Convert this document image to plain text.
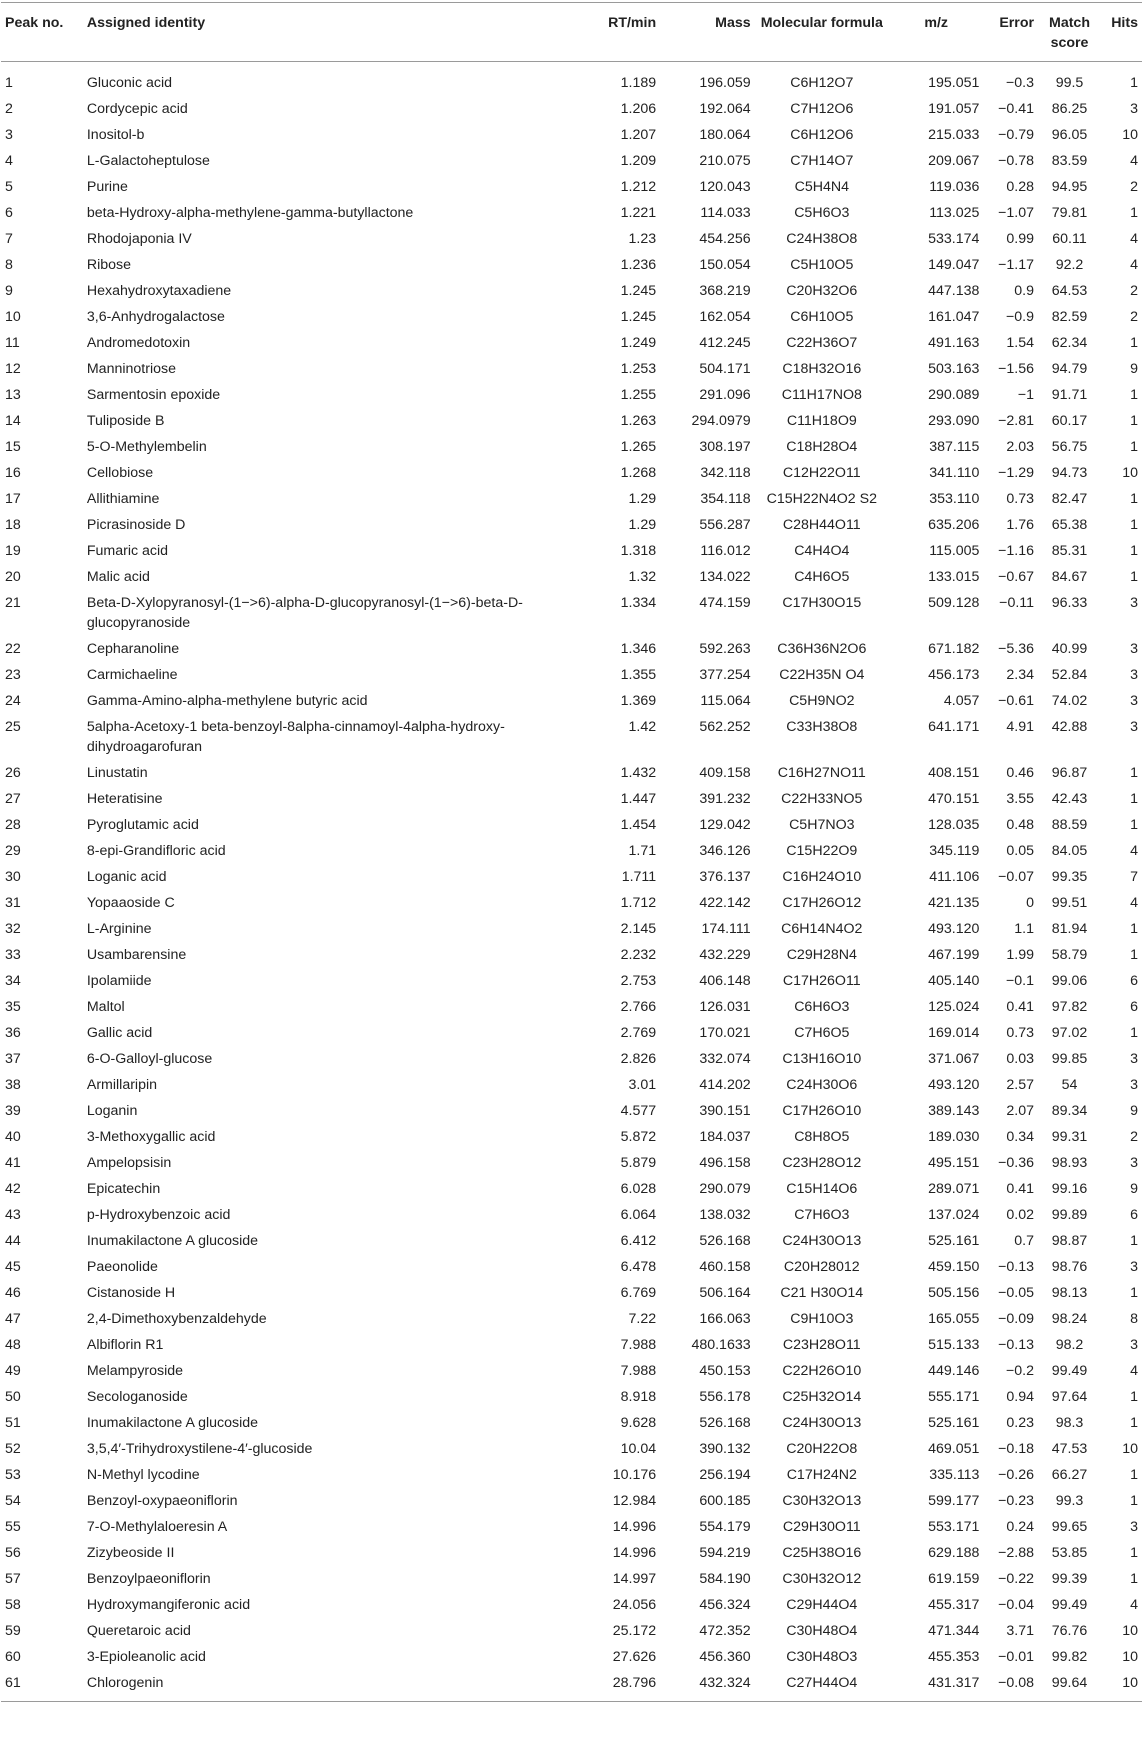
Peak no.	Assigned identity	RT/min	Mass	Molecular formula	m/z	Error	Match score	Hits
1	Gluconic acid	1.189	196.059	C6H12O7	195.051	−0.3	99.5	1
2	Cordycepic acid	1.206	192.064	C7H12O6	191.057	−0.41	86.25	3
3	Inositol-b	1.207	180.064	C6H12O6	215.033	−0.79	96.05	10
4	L-Galactoheptulose	1.209	210.075	C7H14O7	209.067	−0.78	83.59	4
5	Purine	1.212	120.043	C5H4N4	119.036	0.28	94.95	2
6	beta-Hydroxy-alpha-methylene-gamma-butyllactone	1.221	114.033	C5H6O3	113.025	−1.07	79.81	1
7	Rhodojaponia IV	1.23	454.256	C24H38O8	533.174	0.99	60.11	4
8	Ribose	1.236	150.054	C5H10O5	149.047	−1.17	92.2	4
9	Hexahydroxytaxadiene	1.245	368.219	C20H32O6	447.138	0.9	64.53	2
10	3,6-Anhydrogalactose	1.245	162.054	C6H10O5	161.047	−0.9	82.59	2
11	Andromedotoxin	1.249	412.245	C22H36O7	491.163	1.54	62.34	1
12	Manninotriose	1.253	504.171	C18H32O16	503.163	−1.56	94.79	9
13	Sarmentosin epoxide	1.255	291.096	C11H17NO8	290.089	−1	91.71	1
14	Tuliposide B	1.263	294.0979	C11H18O9	293.090	−2.81	60.17	1
15	5-O-Methylembelin	1.265	308.197	C18H28O4	387.115	2.03	56.75	1
16	Cellobiose	1.268	342.118	C12H22O11	341.110	−1.29	94.73	10
17	Allithiamine	1.29	354.118	C15H22N4O2 S2	353.110	0.73	82.47	1
18	Picrasinoside D	1.29	556.287	C28H44O11	635.206	1.76	65.38	1
19	Fumaric acid	1.318	116.012	C4H4O4	115.005	−1.16	85.31	1
20	Malic acid	1.32	134.022	C4H6O5	133.015	−0.67	84.67	1
21	Beta-D-Xylopyranosyl-(1−>6)-alpha-D-glucopyranosyl-(1−>6)-beta-D-glucopyranoside	1.334	474.159	C17H30O15	509.128	−0.11	96.33	3
22	Cepharanoline	1.346	592.263	C36H36N2O6	671.182	−5.36	40.99	3
23	Carmichaeline	1.355	377.254	C22H35N O4	456.173	2.34	52.84	3
24	Gamma-Amino-alpha-methylene butyric acid	1.369	115.064	C5H9NO2	4.057	−0.61	74.02	3
25	5alpha-Acetoxy-1 beta-benzoyl-8alpha-cinnamoyl-4alpha-hydroxy-dihydroagarofuran	1.42	562.252	C33H38O8	641.171	4.91	42.88	3
26	Linustatin	1.432	409.158	C16H27NO11	408.151	0.46	96.87	1
27	Heteratisine	1.447	391.232	C22H33NO5	470.151	3.55	42.43	1
28	Pyroglutamic acid	1.454	129.042	C5H7NO3	128.035	0.48	88.59	1
29	8-epi-Grandifloric acid	1.71	346.126	C15H22O9	345.119	0.05	84.05	4
30	Loganic acid	1.711	376.137	C16H24O10	411.106	−0.07	99.35	7
31	Yopaaoside C	1.712	422.142	C17H26O12	421.135	0	99.51	4
32	L-Arginine	2.145	174.111	C6H14N4O2	493.120	1.1	81.94	1
33	Usambarensine	2.232	432.229	C29H28N4	467.199	1.99	58.79	1
34	Ipolamiide	2.753	406.148	C17H26O11	405.140	−0.1	99.06	6
35	Maltol	2.766	126.031	C6H6O3	125.024	0.41	97.82	6
36	Gallic acid	2.769	170.021	C7H6O5	169.014	0.73	97.02	1
37	6-O-Galloyl-glucose	2.826	332.074	C13H16O10	371.067	0.03	99.85	3
38	Armillaripin	3.01	414.202	C24H30O6	493.120	2.57	54	3
39	Loganin	4.577	390.151	C17H26O10	389.143	2.07	89.34	9
40	3-Methoxygallic acid	5.872	184.037	C8H8O5	189.030	0.34	99.31	2
41	Ampelopsisin	5.879	496.158	C23H28O12	495.151	−0.36	98.93	3
42	Epicatechin	6.028	290.079	C15H14O6	289.071	0.41	99.16	9
43	p-Hydroxybenzoic acid	6.064	138.032	C7H6O3	137.024	0.02	99.89	6
44	Inumakilactone A glucoside	6.412	526.168	C24H30O13	525.161	0.7	98.87	1
45	Paeonolide	6.478	460.158	C20H28012	459.150	−0.13	98.76	3
46	Cistanoside H	6.769	506.164	C21 H30O14	505.156	−0.05	98.13	1
47	2,4-Dimethoxybenzaldehyde	7.22	166.063	C9H10O3	165.055	−0.09	98.24	8
48	Albiflorin R1	7.988	480.1633	C23H28O11	515.133	−0.13	98.2	3
49	Melampyroside	7.988	450.153	C22H26O10	449.146	−0.2	99.49	4
50	Secologanoside	8.918	556.178	C25H32O14	555.171	0.94	97.64	1
51	Inumakilactone A glucoside	9.628	526.168	C24H30O13	525.161	0.23	98.3	1
52	3,5,4′-Trihydroxystilene-4′-glucoside	10.04	390.132	C20H22O8	469.051	−0.18	47.53	10
53	N-Methyl lycodine	10.176	256.194	C17H24N2	335.113	−0.26	66.27	1
54	Benzoyl-oxypaeoniflorin	12.984	600.185	C30H32O13	599.177	−0.23	99.3	1
55	7-O-Methylaloeresin A	14.996	554.179	C29H30O11	553.171	0.24	99.65	3
56	Zizybeoside II	14.996	594.219	C25H38O16	629.188	−2.88	53.85	1
57	Benzoylpaeoniflorin	14.997	584.190	C30H32O12	619.159	−0.22	99.39	1
58	Hydroxymangiferonic acid	24.056	456.324	C29H44O4	455.317	−0.04	99.49	4
59	Queretaroic acid	25.172	472.352	C30H48O4	471.344	3.71	76.76	10
60	3-Epioleanolic acid	27.626	456.360	C30H48O3	455.353	−0.01	99.82	10
61	Chlorogenin	28.796	432.324	C27H44O4	431.317	−0.08	99.64	10
